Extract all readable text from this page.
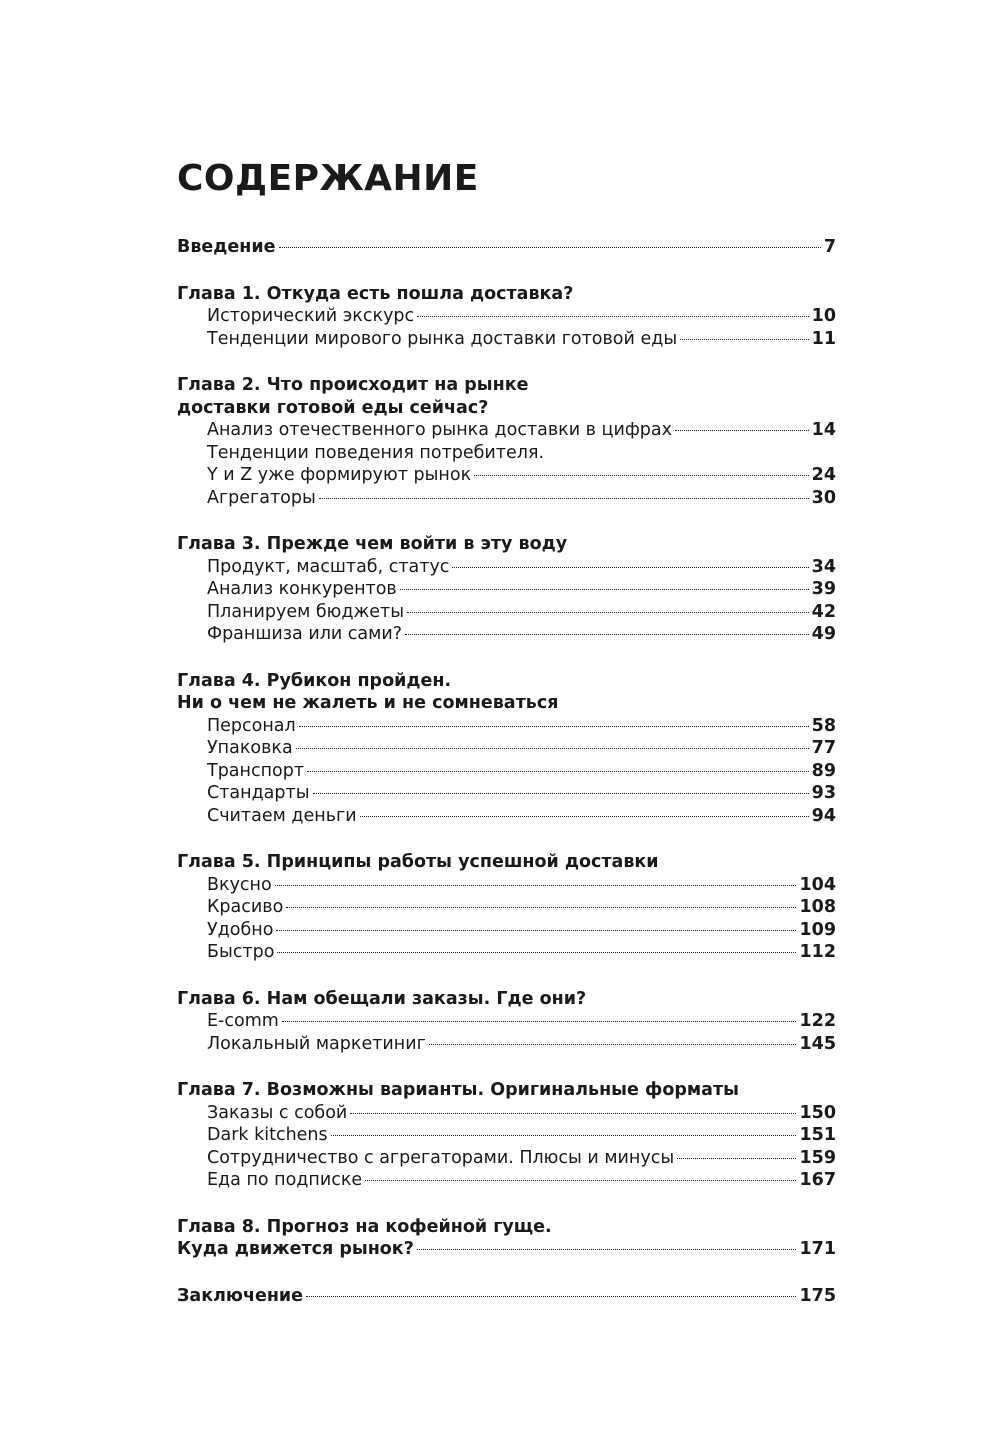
СОДЕРЖАНИЕ
Введение	7
Глава 1. Откуда есть пошла доставка?
Исторический экскурс	10
Тенденции мирового рынка доставки готовой еды	11
Глава 2. Что происходит на рынке
доставки готовой еды сейчас?
Анализ отечественного рынка доставки в цифрах	14
Тенденции поведения потребителя.
Y и Z уже формируют рынок	24
Агрегаторы	30
Глава 3. Прежде чем войти в эту воду
Продукт, масштаб, статус	34
Анализ конкурентов	39
Планируем бюджеты	42
Франшиза или сами?	49
Глава 4. Рубикон пройден.
Ни о чем не жалеть и не сомневаться
Персонал	58
Упаковка	77
Транспорт	89
Стандарты	93
Считаем деньги	94
Глава 5. Принципы работы успешной доставки
Вкусно	104
Красиво	108
Удобно	109
Быстро	112
Глава 6. Нам обещали заказы. Где они?
E-comm	122
Локальный маркетиниг	145
Глава 7. Возможны варианты. Оригинальные форматы
Заказы с собой	150
Dark kitchens	151
Сотрудничество с агрегаторами. Плюсы и минусы	159
Еда по подписке	167
Глава 8. Прогноз на кофейной гуще.
Куда движется рынок?	171
Заключение	175
